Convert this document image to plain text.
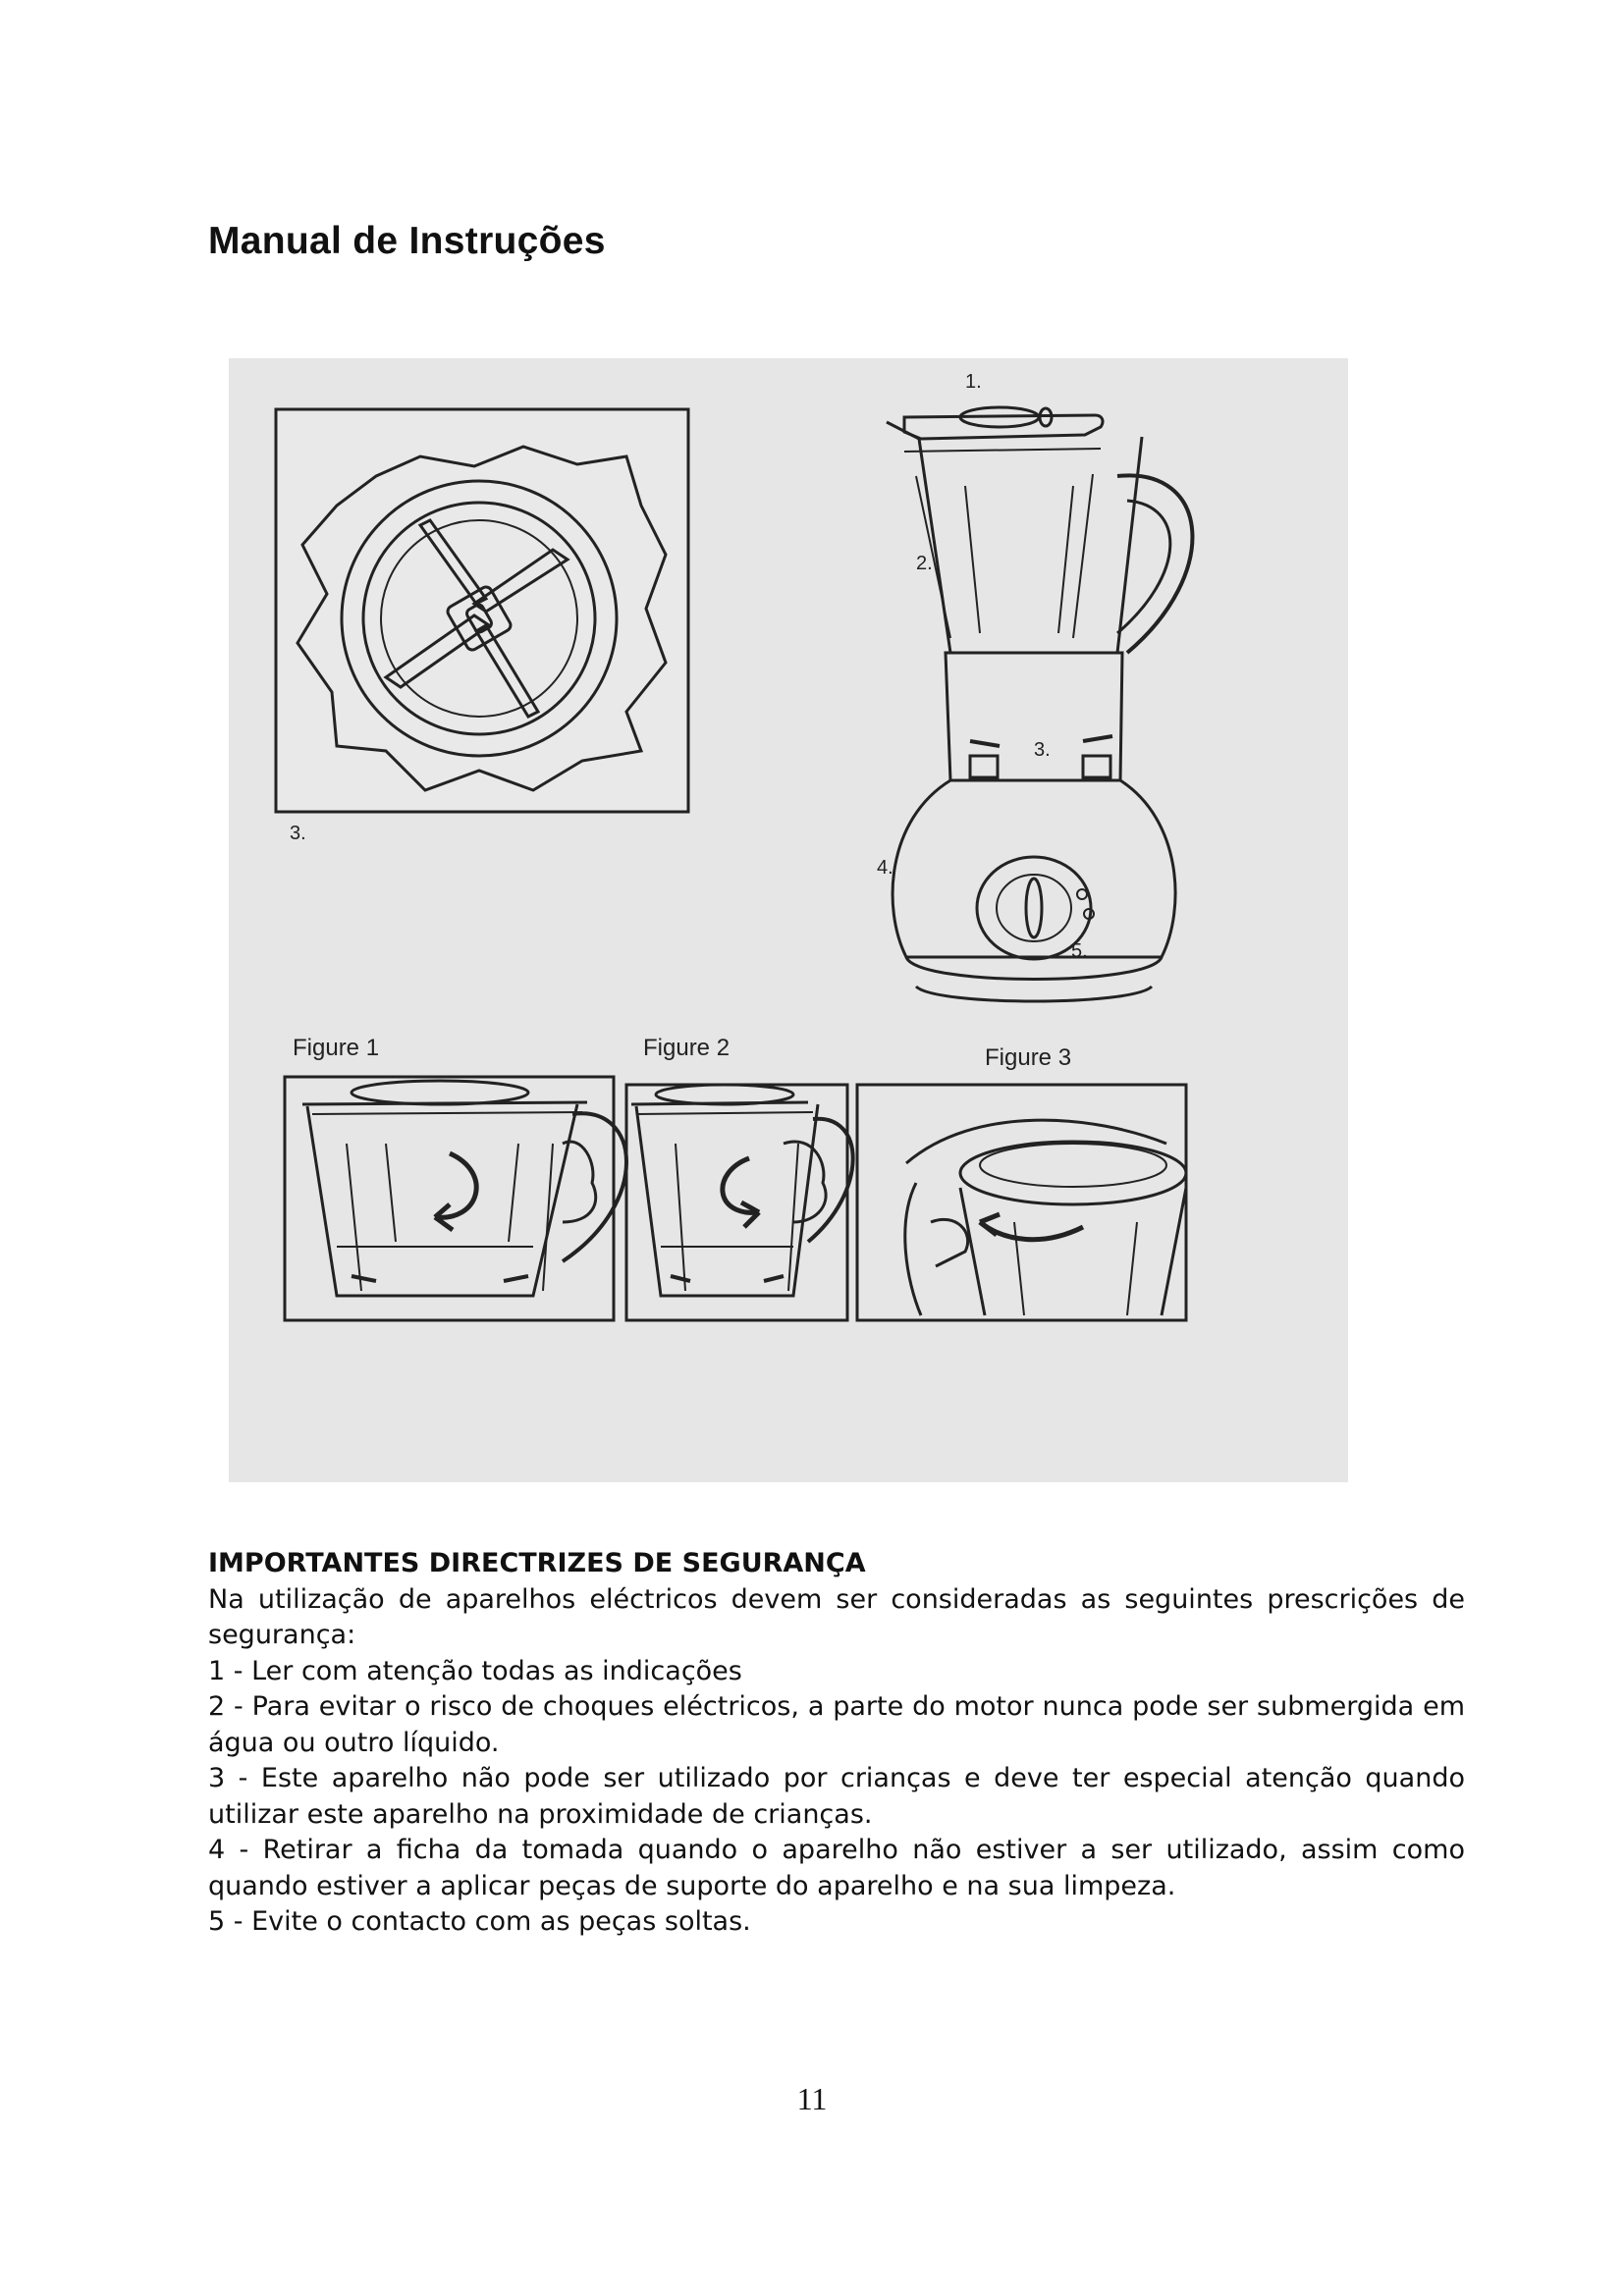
Manual de Instruções
3.
1.
2.
3.
4.
5.
Figure 1	Figure 2	Figure 3
IMPORTANTES DIRECTRIZES DE SEGURANÇA

Na utilização de aparelhos eléctricos devem ser consideradas as seguintes prescrições de segurança:

1 - Ler com atenção todas as indicações

2 - Para evitar o risco de choques eléctricos, a parte do motor nunca pode ser submergida em água ou outro líquido.

3 - Este aparelho não pode ser utilizado por crianças e deve ter especial atenção quando utilizar este aparelho na proximidade de crianças.

4 - Retirar a ficha da tomada quando o aparelho não estiver a ser utilizado, assim como quando estiver a aplicar peças de suporte do aparelho e na sua limpeza.

5 - Evite o contacto com as peças soltas.

11
